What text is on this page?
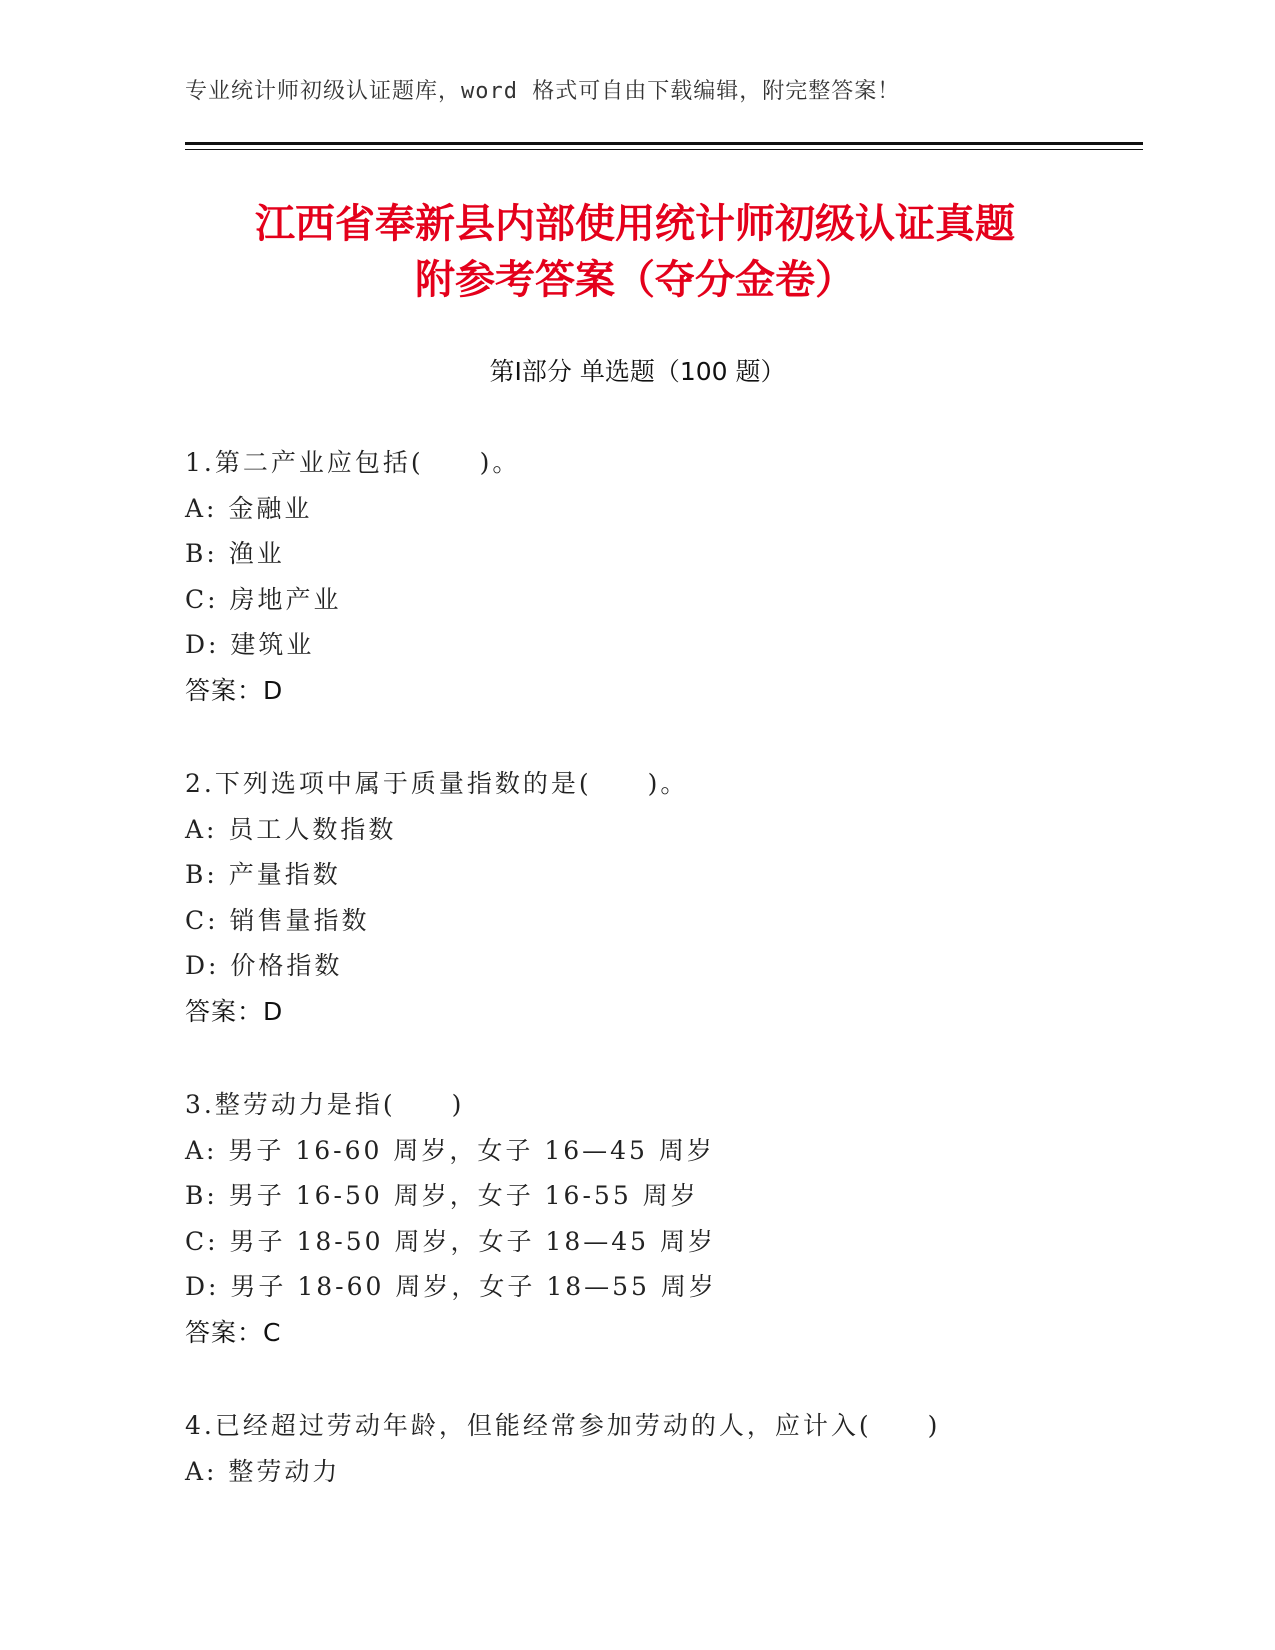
专业统计师初级认证题库，word 格式可自由下载编辑，附完整答案！
江西省奉新县内部使用统计师初级认证真题
附参考答案（夺分金卷）
第Ⅰ部分 单选题（100 题）
1.第二产业应包括(　　)。
A: 金融业
B: 渔业
C: 房地产业
D: 建筑业
答案：D
2.下列选项中属于质量指数的是(　　)。
A: 员工人数指数
B: 产量指数
C: 销售量指数
D: 价格指数
答案：D
3.整劳动力是指(　　)
A: 男子 16-60 周岁，女子 16—45 周岁
B: 男子 16-50 周岁，女子 16-55 周岁
C: 男子 18-50 周岁，女子 18—45 周岁
D: 男子 18-60 周岁，女子 18—55 周岁
答案：C
4.已经超过劳动年龄，但能经常参加劳动的人，应计入(　　)
A: 整劳动力
